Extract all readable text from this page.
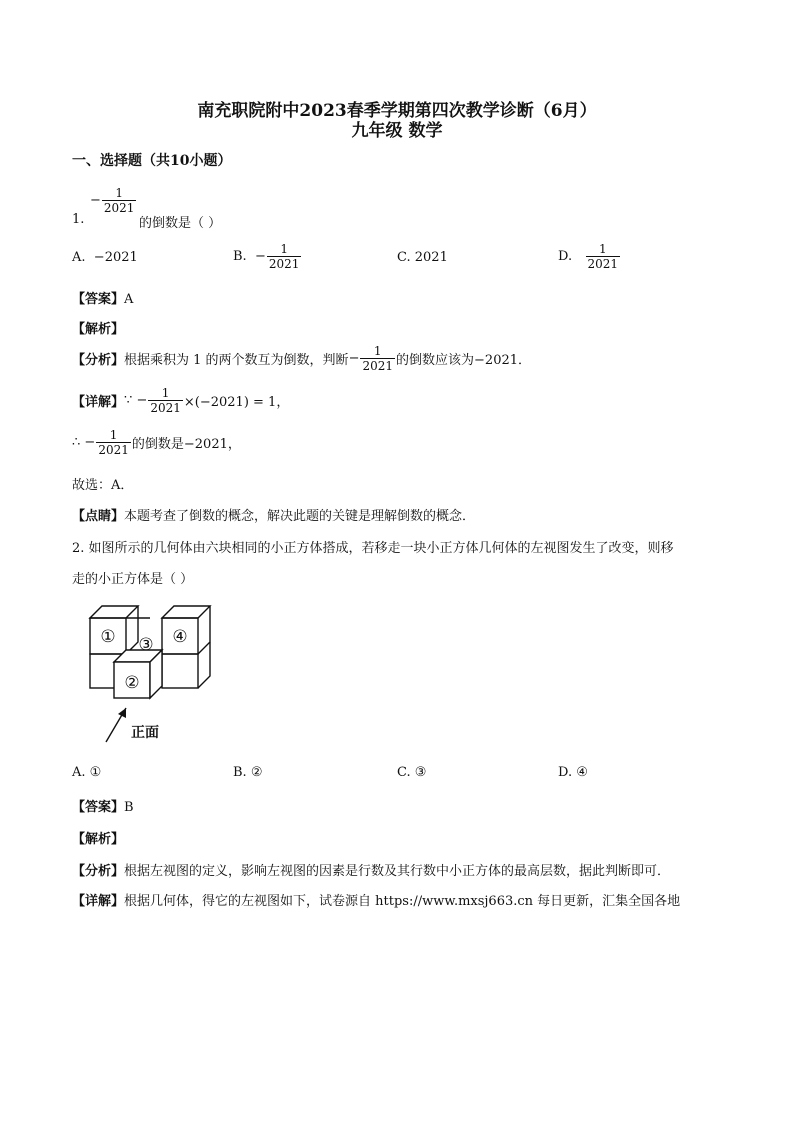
南充职院附中2023春季学期第四次教学诊断（6月）
九年级 数学
一、选择题（共10小题）
− $\frac{1}{2021}$
1.	的倒数是（ ）
A.
−2021	B.
− $\frac{1}{2021}$	C.
2021	D.
$\frac{1}{2021}$
【答案】A
【解析】
【分析】 根据乘积为 1 的两个数互为倒数，判断 − $\frac{1}{2021}$ 的倒数应该为 −2021．
【详解】 ∵
− $\frac{1}{2021} \times(-2021) = 1$，
∴
− $\frac{1}{2021}$ 的倒数是 −2021，
故选：A．
【点睛】本题考查了倒数的概念，解决此题的关键是理解倒数的概念．
2. 如图所示的几何体由六块相同的小正方体搭成，若移走一块小正方体几何体的左视图发生了改变，则移
走的小正方体是（ ）
①
②
③ ④
正面
A. ①	B. ②	C. ③	D. ④
【答案】B
【解析】
【分析】根据左视图的定义，影响左视图的因素是行数及其行数中小正方体的最高层数，据此判断即可．
【详解】根据几何体，得它的左视图如下，试卷源自 https://www.mxsj663.cn 每日更新，汇集全国各地
